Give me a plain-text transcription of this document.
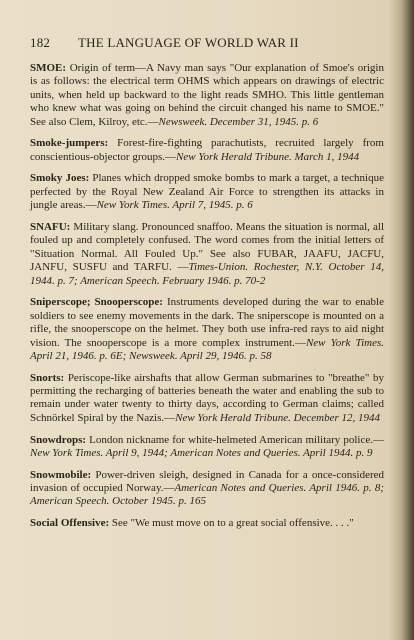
182 THE LANGUAGE OF WORLD WAR II

SMOE: Origin of term—A Navy man says "Our explanation of Smoe's origin is as follows: the electrical term OHMS which appears on drawings of electric units, when held up backward to the light reads SMHO. This little gentleman who knew what was going on behind the circuit changed his name to SMOE." See also Clem, Kilroy, etc.—Newsweek. December 31, 1945. p. 6

Smoke-jumpers: Forest-fire-fighting parachutists, recruited largely from conscientious-objector groups.—New York Herald Tribune. March 1, 1944

Smoky Joes: Planes which dropped smoke bombs to mark a target, a technique perfected by the Royal New Zealand Air Force to strengthen its attacks in jungle areas.—New York Times. April 7, 1945. p. 6

SNAFU: Military slang. Pronounced snaffoo. Means the situation is normal, all fouled up and completely confused. The word comes from the initial letters of "Situation Normal. All Fouled Up." See also FUBAR, JAAFU, JACFU, JANFU, SUSFU and TARFU. —Times-Union. Rochester, N.Y. October 14, 1944. p. 7; American Speech. February 1946. p. 70-2

Sniperscope; Snooperscope: Instruments developed during the war to enable soldiers to see enemy movements in the dark. The sniperscope is mounted on a rifle, the snooperscope on the helmet. They both use infra-red rays to aid night vision. The snooperscope is a more complex instrument.—New York Times. April 21, 1946. p. 6E; Newsweek. April 29, 1946. p. 58

Snorts: Periscope-like airshafts that allow German submarines to "breathe" by permitting the recharging of batteries beneath the water and enabling the sub to remain under water twenty to thirty days, according to German claims; called Schnörkel Spiral by the Nazis.—New York Herald Tribune. December 12, 1944

Snowdrops: London nickname for white-helmeted American military police.—New York Times. April 9, 1944; American Notes and Queries. April 1944. p. 9

Snowmobile: Power-driven sleigh, designed in Canada for a once-considered invasion of occupied Norway.—American Notes and Queries. April 1946. p. 8; American Speech. October 1945. p. 165

Social Offensive: See "We must move on to a great social offensive. . . ."
